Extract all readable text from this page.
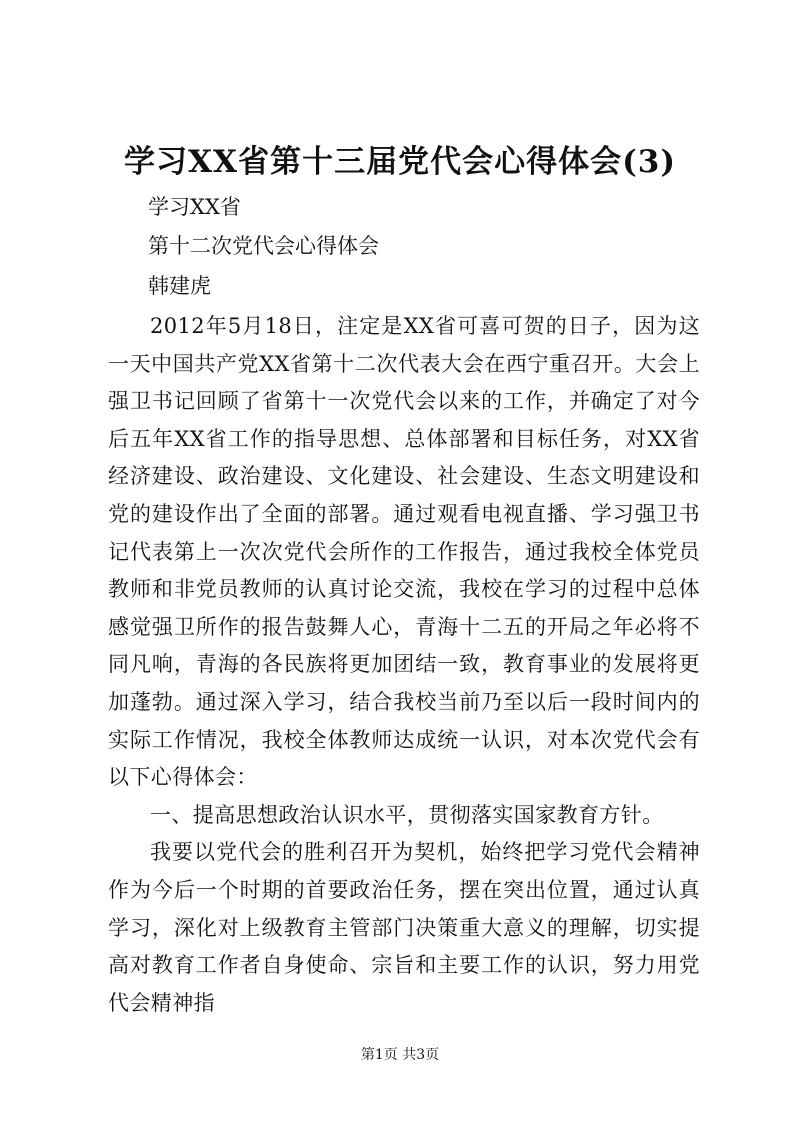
学习XX省第十三届党代会心得体会(3)
学习XX省
第十二次党代会心得体会
韩建虎

2012年5月18日，注定是XX省可喜可贺的日子，因为这一天中国共产党XX省第十二次代表大会在西宁重召开。大会上强卫书记回顾了省第十一次党代会以来的工作，并确定了对今后五年XX省工作的指导思想、总体部署和目标任务，对XX省经济建设、政治建设、文化建设、社会建设、生态文明建设和党的建设作出了全面的部署。通过观看电视直播、学习强卫书记代表第上一次次党代会所作的工作报告，通过我校全体党员教师和非党员教师的认真讨论交流，我校在学习的过程中总体感觉强卫所作的报告鼓舞人心，青海十二五的开局之年必将不同凡响，青海的各民族将更加团结一致，教育事业的发展将更加蓬勃。通过深入学习，结合我校当前乃至以后一段时间内的实际工作情况，我校全体教师达成统一认识，对本次党代会有以下心得体会：

一、提高思想政治认识水平，贯彻落实国家教育方针。

我要以党代会的胜利召开为契机，始终把学习党代会精神作为今后一个时期的首要政治任务，摆在突出位置，通过认真学习，深化对上级教育主管部门决策重大意义的理解，切实提高对教育工作者自身使命、宗旨和主要工作的认识，努力用党代会精神指

第1页 共3页
